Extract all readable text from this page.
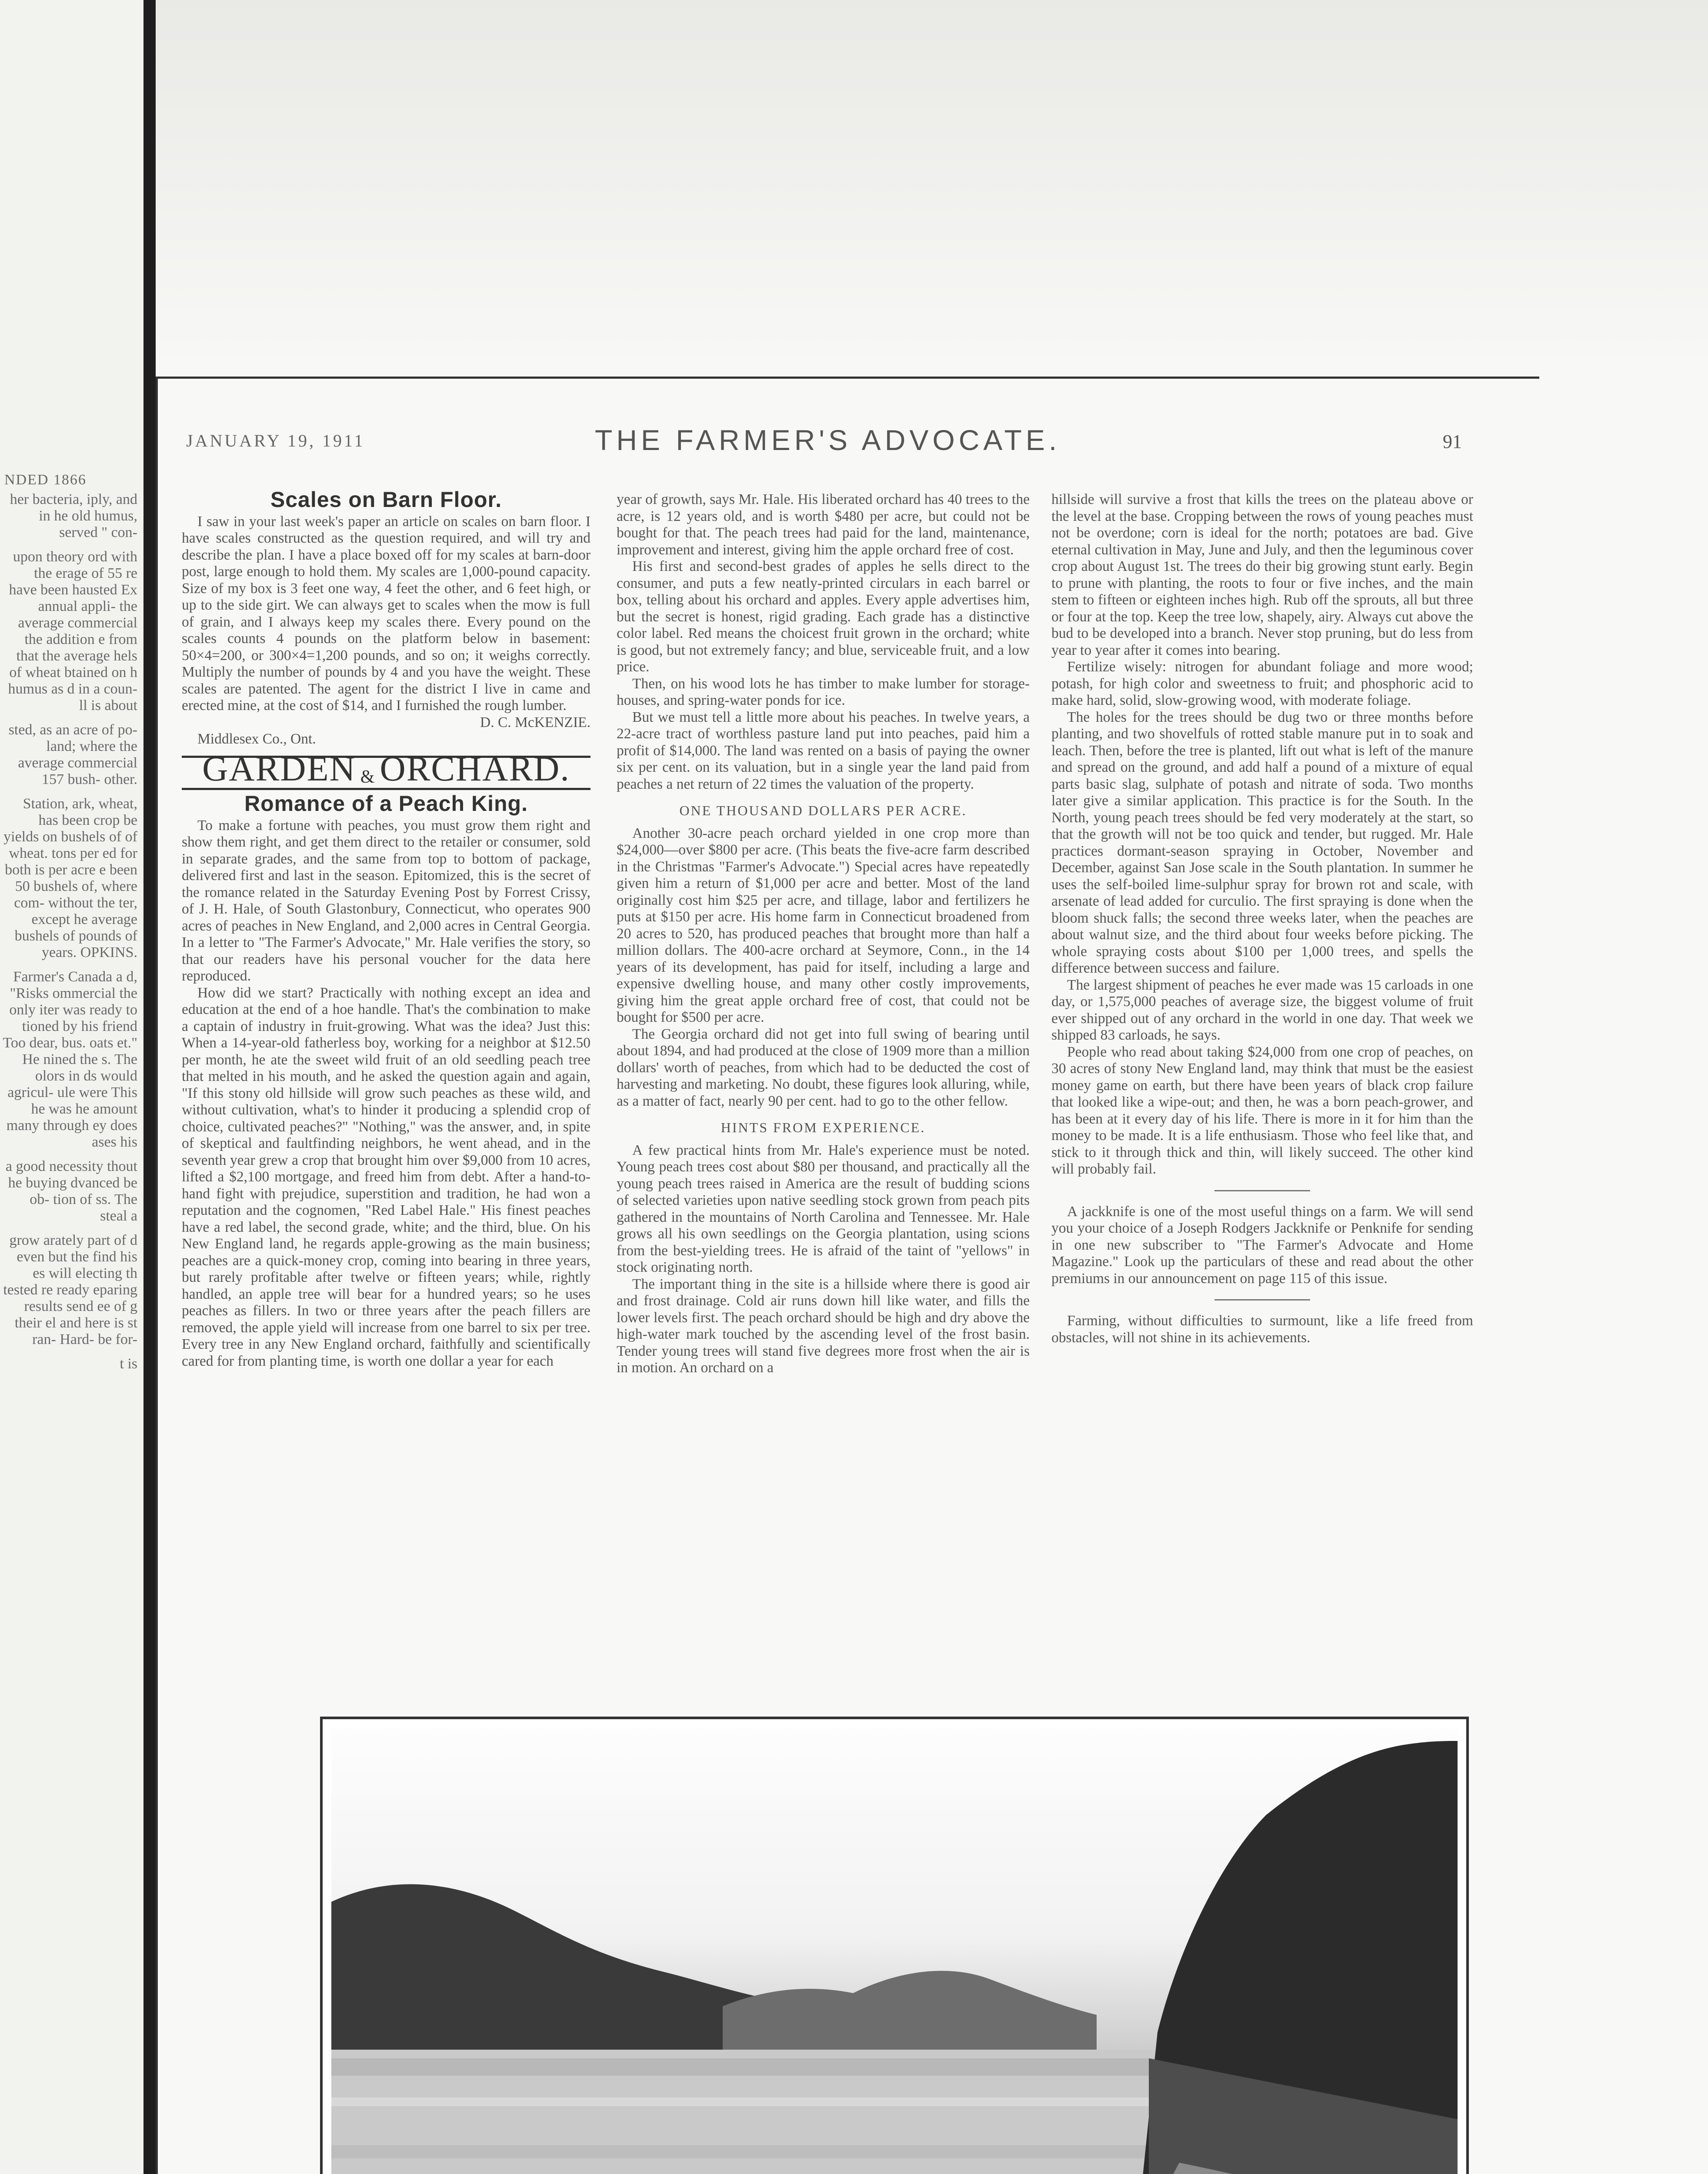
NDED 1866

her bacteria, iply, and in he old humus, served " con-

upon theory ord with the erage of 55 re have been hausted Ex annual appli- the average commercial the addition e from that the average hels of wheat btained on h humus as d in a coun- ll is about

sted, as an acre of po- land; where the average commercial 157 bush- other.

Station, ark, wheat, has been crop be yields on bushels of of wheat. tons per ed for both is per acre e been 50 bushels of, where com- without the ter, except he average bushels of pounds of years. OPKINS.

Farmer's Canada a d, "Risks ommercial the only iter was ready to tioned by his friend Too dear, bus. oats et." He nined the s. The olors in ds would agricul- ule were This he was he amount many through ey does ases his

a good necessity thout he buying dvanced be ob- tion of ss. The steal a

grow arately part of d even but the find his es will electing th tested re ready eparing results send ee of g their el and here is st ran- Hard- be for-

t is

JANUARY 19, 1911	THE FARMER'S ADVOCATE.	91
Scales on Barn Floor.

I saw in your last week's paper an article on scales on barn floor. I have scales constructed as the question required, and will try and describe the plan. I have a place boxed off for my scales at barn-door post, large enough to hold them. My scales are 1,000-pound capacity. Size of my box is 3 feet one way, 4 feet the other, and 6 feet high, or up to the side girt. We can always get to scales when the mow is full of grain, and I always keep my scales there. Every pound on the scales counts 4 pounds on the platform below in basement: 50×4=200, or 300×4=1,200 pounds, and so on; it weighs correctly. Multiply the number of pounds by 4 and you have the weight. These scales are patented. The agent for the district I live in came and erected mine, at the cost of $14, and I furnished the rough lumber.

D. C. McKENZIE.

Middlesex Co., Ont.

GARDEN & ORCHARD.
Romance of a Peach King.

To make a fortune with peaches, you must grow them right and show them right, and get them direct to the retailer or consumer, sold in separate grades, and the same from top to bottom of package, delivered first and last in the season. Epitomized, this is the secret of the romance related in the Saturday Evening Post by Forrest Crissy, of J. H. Hale, of South Glastonbury, Connecticut, who operates 900 acres of peaches in New England, and 2,000 acres in Central Georgia. In a letter to "The Farmer's Advocate," Mr. Hale verifies the story, so that our readers have his personal voucher for the data here reproduced.

How did we start? Practically with nothing except an idea and education at the end of a hoe handle. That's the combination to make a captain of industry in fruit-growing. What was the idea? Just this: When a 14-year-old fatherless boy, working for a neighbor at $12.50 per month, he ate the sweet wild fruit of an old seedling peach tree that melted in his mouth, and he asked the question again and again, "If this stony old hillside will grow such peaches as these wild, and without cultivation, what's to hinder it producing a splendid crop of choice, cultivated peaches?" "Nothing," was the answer, and, in spite of skeptical and faultfinding neighbors, he went ahead, and in the seventh year grew a crop that brought him over $9,000 from 10 acres, lifted a $2,100 mortgage, and freed him from debt. After a hand-to-hand fight with prejudice, superstition and tradition, he had won a reputation and the cognomen, "Red Label Hale." His finest peaches have a red label, the second grade, white; and the third, blue. On his New England land, he regards apple-growing as the main business; peaches are a quick-money crop, coming into bearing in three years, but rarely profitable after twelve or fifteen years; while, rightly handled, an apple tree will bear for a hundred years; so he uses peaches as fillers. In two or three years after the peach fillers are removed, the apple yield will increase from one barrel to six per tree. Every tree in any New England orchard, faithfully and scientifically cared for from planting time, is worth one dollar a year for each

year of growth, says Mr. Hale. His liberated orchard has 40 trees to the acre, is 12 years old, and is worth $480 per acre, but could not be bought for that. The peach trees had paid for the land, maintenance, improvement and interest, giving him the apple orchard free of cost.

His first and second-best grades of apples he sells direct to the consumer, and puts a few neatly-printed circulars in each barrel or box, telling about his orchard and apples. Every apple advertises him, but the secret is honest, rigid grading. Each grade has a distinctive color label. Red means the choicest fruit grown in the orchard; white is good, but not extremely fancy; and blue, serviceable fruit, and a low price.

Then, on his wood lots he has timber to make lumber for storage-houses, and spring-water ponds for ice.

But we must tell a little more about his peaches. In twelve years, a 22-acre tract of worthless pasture land put into peaches, paid him a profit of $14,000. The land was rented on a basis of paying the owner six per cent. on its valuation, but in a single year the land paid from peaches a net return of 22 times the valuation of the property.

ONE THOUSAND DOLLARS PER ACRE.

Another 30-acre peach orchard yielded in one crop more than $24,000—over $800 per acre. (This beats the five-acre farm described in the Christmas "Farmer's Advocate.") Special acres have repeatedly given him a return of $1,000 per acre and better. Most of the land originally cost him $25 per acre, and tillage, labor and fertilizers he puts at $150 per acre. His home farm in Connecticut broadened from 20 acres to 520, has produced peaches that brought more than half a million dollars. The 400-acre orchard at Seymore, Conn., in the 14 years of its development, has paid for itself, including a large and expensive dwelling house, and many other costly improvements, giving him the great apple orchard free of cost, that could not be bought for $500 per acre.

The Georgia orchard did not get into full swing of bearing until about 1894, and had produced at the close of 1909 more than a million dollars' worth of peaches, from which had to be deducted the cost of harvesting and marketing. No doubt, these figures look alluring, while, as a matter of fact, nearly 90 per cent. had to go to the other fellow.

HINTS FROM EXPERIENCE.

A few practical hints from Mr. Hale's experience must be noted. Young peach trees cost about $80 per thousand, and practically all the young peach trees raised in America are the result of budding scions of selected varieties upon native seedling stock grown from peach pits gathered in the mountains of North Carolina and Tennessee. Mr. Hale grows all his own seedlings on the Georgia plantation, using scions from the best-yielding trees. He is afraid of the taint of "yellows" in stock originating north.

The important thing in the site is a hillside where there is good air and frost drainage. Cold air runs down hill like water, and fills the lower levels first. The peach orchard should be high and dry above the high-water mark touched by the ascending level of the frost basin. Tender young trees will stand five degrees more frost when the air is in motion. An orchard on a

hillside will survive a frost that kills the trees on the plateau above or the level at the base. Cropping between the rows of young peaches must not be overdone; corn is ideal for the north; potatoes are bad. Give eternal cultivation in May, June and July, and then the leguminous cover crop about August 1st. The trees do their big growing stunt early. Begin to prune with planting, the roots to four or five inches, and the main stem to fifteen or eighteen inches high. Rub off the sprouts, all but three or four at the top. Keep the tree low, shapely, airy. Always cut above the bud to be developed into a branch. Never stop pruning, but do less from year to year after it comes into bearing.

Fertilize wisely: nitrogen for abundant foliage and more wood; potash, for high color and sweetness to fruit; and phosphoric acid to make hard, solid, slow-growing wood, with moderate foliage.

The holes for the trees should be dug two or three months before planting, and two shovelfuls of rotted stable manure put in to soak and leach. Then, before the tree is planted, lift out what is left of the manure and spread on the ground, and add half a pound of a mixture of equal parts basic slag, sulphate of potash and nitrate of soda. Two months later give a similar application. This practice is for the South. In the North, young peach trees should be fed very moderately at the start, so that the growth will not be too quick and tender, but rugged. Mr. Hale practices dormant-season spraying in October, November and December, against San Jose scale in the South plantation. In summer he uses the self-boiled lime-sulphur spray for brown rot and scale, with arsenate of lead added for curculio. The first spraying is done when the bloom shuck falls; the second three weeks later, when the peaches are about walnut size, and the third about four weeks before picking. The whole spraying costs about $100 per 1,000 trees, and spells the difference between success and failure.

The largest shipment of peaches he ever made was 15 carloads in one day, or 1,575,000 peaches of average size, the biggest volume of fruit ever shipped out of any orchard in the world in one day. That week we shipped 83 carloads, he says.

People who read about taking $24,000 from one crop of peaches, on 30 acres of stony New England land, may think that must be the easiest money game on earth, but there have been years of black crop failure that looked like a wipe-out; and then, he was a born peach-grower, and has been at it every day of his life. There is more in it for him than the money to be made. It is a life enthusiasm. Those who feel like that, and stick to it through thick and thin, will likely succeed. The other kind will probably fail.

A jackknife is one of the most useful things on a farm. We will send you your choice of a Joseph Rodgers Jackknife or Penknife for sending in one new subscriber to "The Farmer's Advocate and Home Magazine." Look up the particulars of these and read about the other premiums in our announcement on page 115 of this issue.

Farming, without difficulties to surmount, like a life freed from obstacles, will not shine in its achievements.
